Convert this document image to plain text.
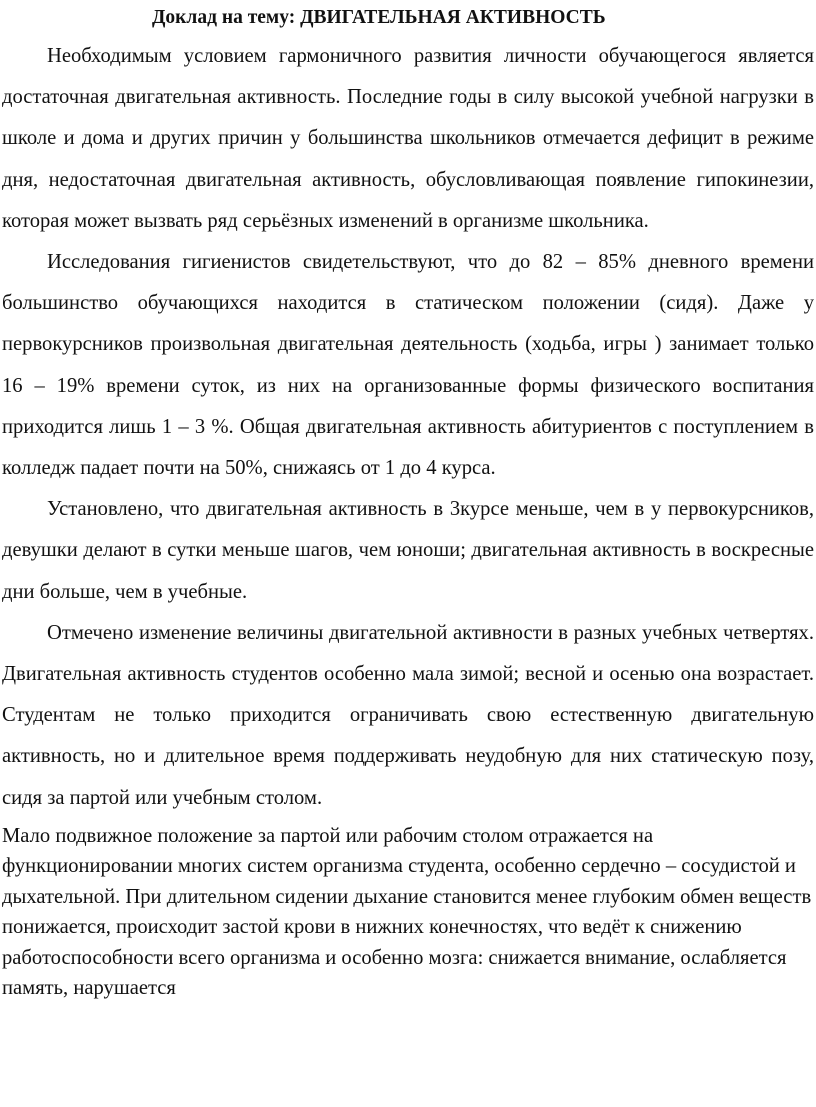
Доклад на тему: ДВИГАТЕЛЬНАЯ АКТИВНОСТЬ

Необходимым условием гармоничного развития личности обучающегося является достаточная двигательная активность. Последние годы в силу высокой учебной нагрузки в школе и дома и других причин у большинства школьников отмечается дефицит в режиме дня, недостаточная двигательная активность, обусловливающая появление гипокинезии, которая может вызвать ряд серьёзных изменений в организме школьника.

Исследования гигиенистов свидетельствуют, что до 82 – 85% дневного времени большинство обучающихся находится в статическом положении (сидя). Даже у первокурсников произвольная двигательная деятельность (ходьба, игры ) занимает только 16 – 19% времени суток, из них на организованные формы физического воспитания приходится лишь 1 – 3 %. Общая двигательная активность абитуриентов с поступлением в колледж падает почти на 50%, снижаясь от 1 до 4 курса.

Установлено, что двигательная активность в 3курсе меньше, чем в у первокурсников, девушки делают в сутки меньше шагов, чем юноши; двигательная активность в воскресные дни больше, чем в учебные.

Отмечено изменение величины двигательной активности в разных учебных четвертях. Двигательная активность студентов особенно мала зимой; весной и осенью она возрастает. Студентам не только приходится ограничивать свою естественную двигательную активность, но и длительное время поддерживать неудобную для них статическую позу, сидя за партой или учебным столом.

Мало подвижное положение за партой или рабочим столом отражается на функционировании многих систем организма студента, особенно сердечно – сосудистой и дыхательной. При длительном сидении дыхание становится менее глубоким обмен веществ понижается, происходит застой крови в нижних конечностях, что ведёт к снижению работоспособности всего организма и особенно мозга: снижается внимание, ослабляется память, нарушается
